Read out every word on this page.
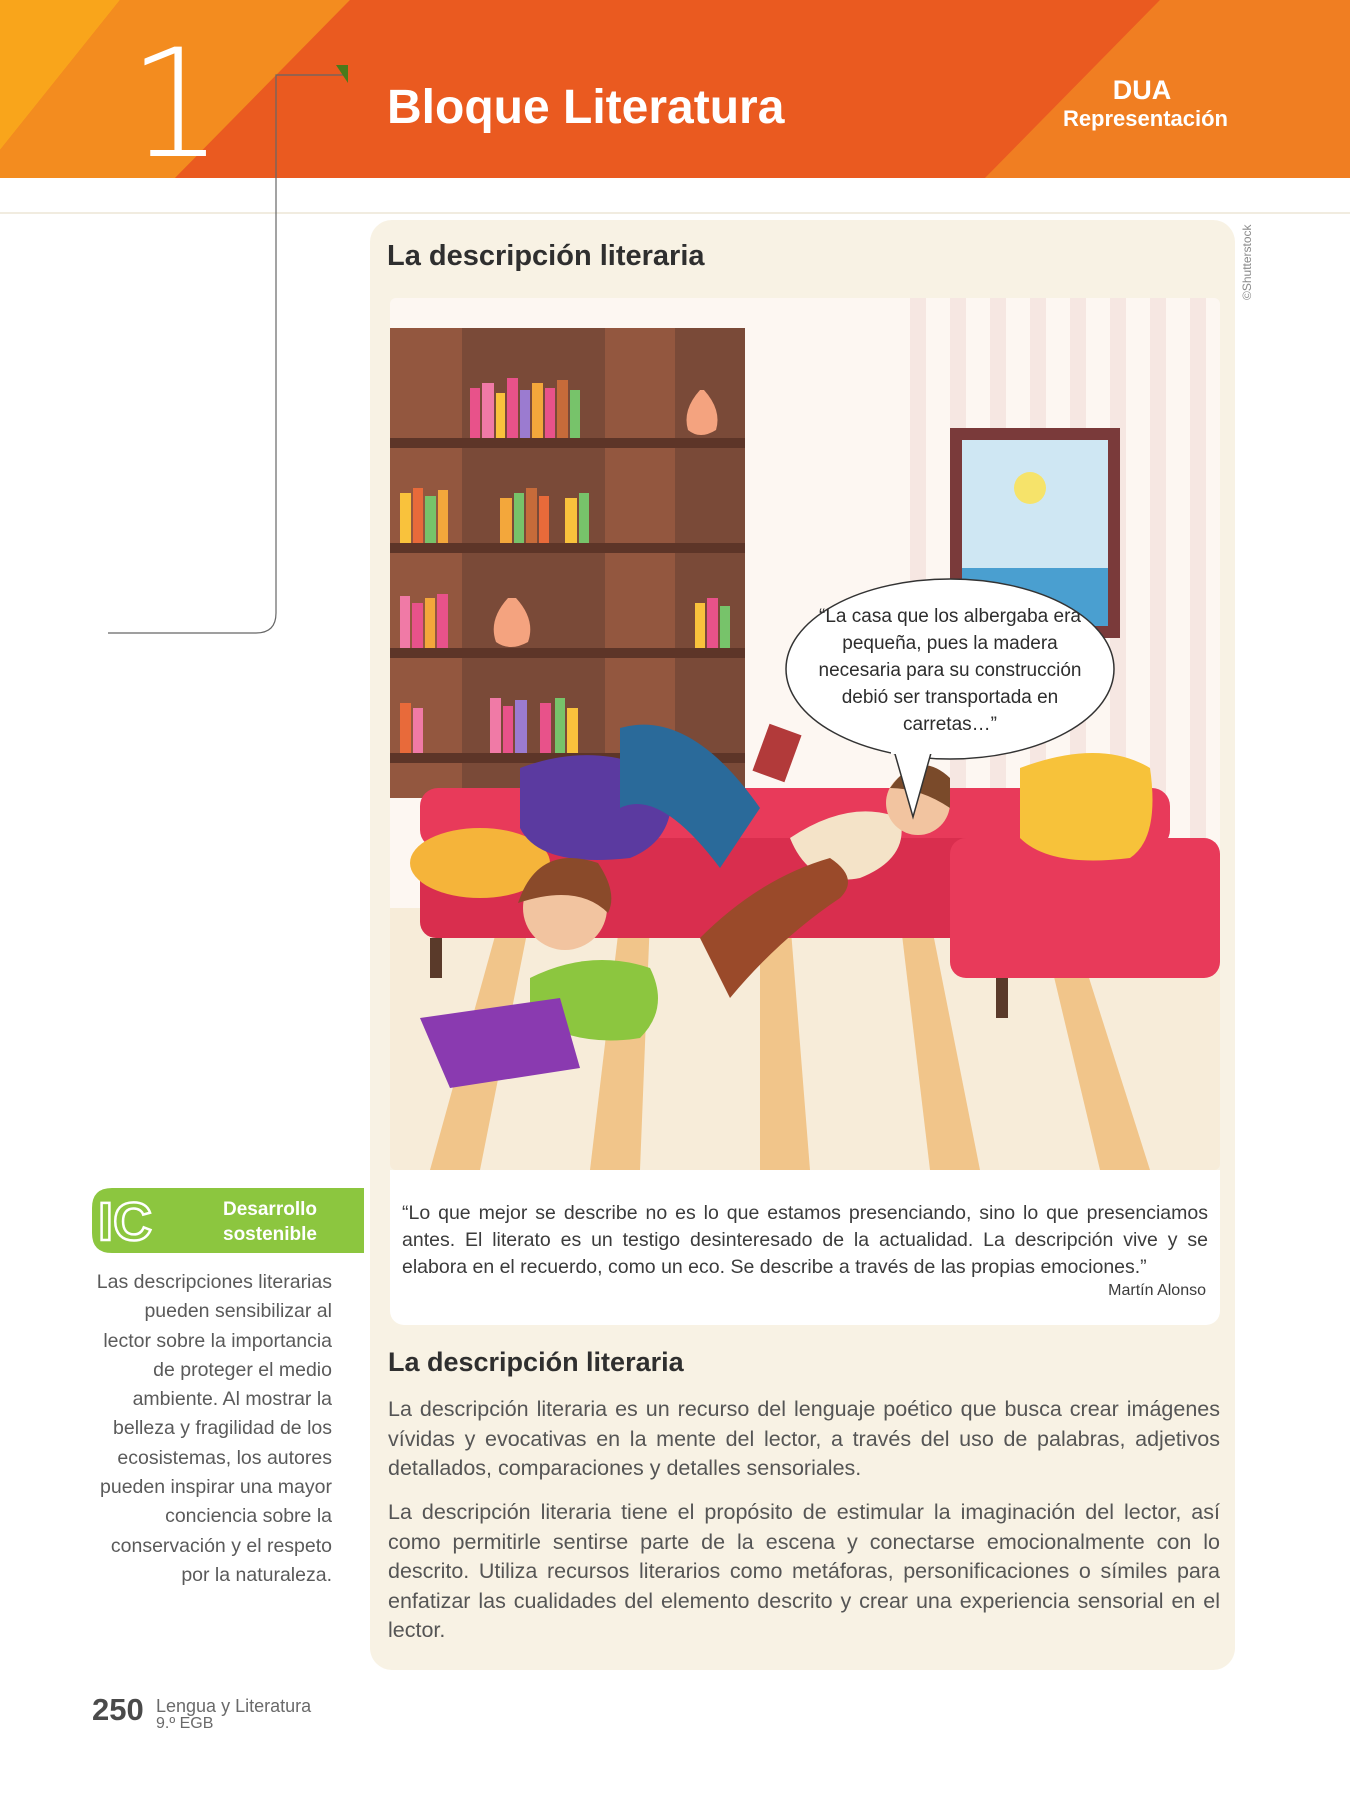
1	Bloque Literatura	DUA
Representación
La descripción literaria	©Shutterstock
“La casa que los albergaba era pequeña, pues la madera necesaria para su construcción debió ser transportada en carretas…”
“Lo que mejor se describe no es lo que estamos presenciando, sino lo que presenciamos antes. El literato es un testigo desinteresado de la actualidad. La descripción vive y se elabora en el recuerdo, como un eco. Se describe a través de las propias emociones.”
Martín Alonso
La descripción literaria
La descripción literaria es un recurso del lenguaje poético que busca crear imágenes vívidas y evocativas en la mente del lector, a través del uso de palabras, adjetivos detallados, comparaciones y detalles sensoriales.
La descripción literaria tiene el propósito de estimular la imaginación del lector, así como permitirle sentirse parte de la escena y conectarse emocionalmente con lo descrito. Utiliza recursos literarios como metáforas, personificaciones o símiles para enfatizar las cualidades del elemento descrito y crear una experiencia sensorial en el lector.
IC	Desarrollo sostenible
Las descripciones literarias pueden sensibilizar al lector sobre la importancia de proteger el medio ambiente. Al mostrar la belleza y fragilidad de los ecosistemas, los autores pueden inspirar una mayor conciencia sobre la conservación y el respeto por la naturaleza.
250 Lengua y Literatura
9.º EGB
